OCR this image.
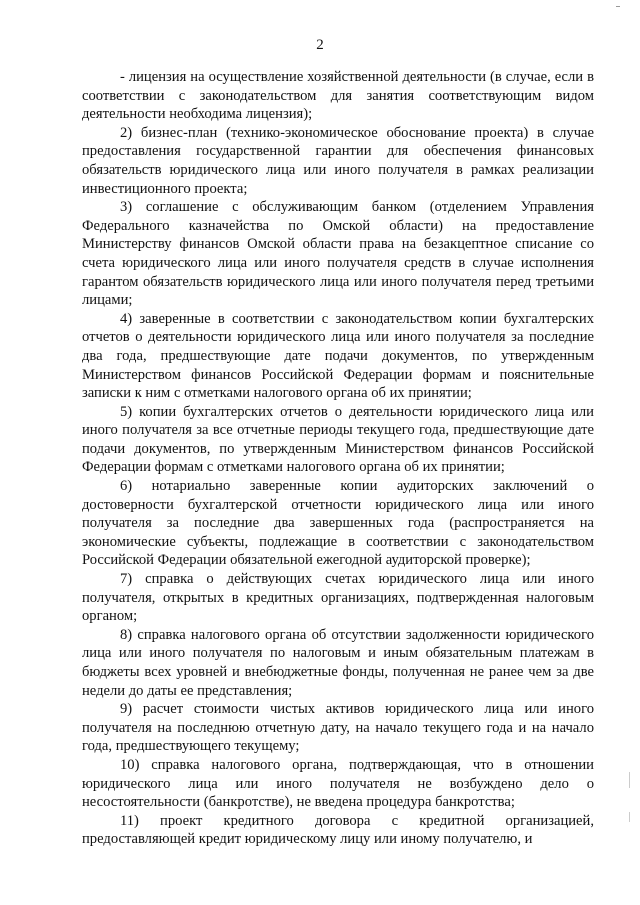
2

- лицензия на осуществление хозяйственной деятельности (в случае, если в соответствии с законодательством для занятия соответствующим видом деятельности необходима лицензия);

2) бизнес-план (технико-экономическое обоснование проекта) в случае предоставления государственной гарантии для обеспечения финансовых обязательств юридического лица или иного получателя в рамках реализации инвестиционного проекта;

3) соглашение с обслуживающим банком (отделением Управления Федерального казначейства по Омской области) на предоставление Министерству финансов Омской области права на безакцептное списание со счета юридического лица или иного получателя средств в случае исполнения гарантом обязательств юридического лица или иного получателя перед третьими лицами;

4) заверенные в соответствии с законодательством копии бухгалтерских отчетов о деятельности юридического лица или иного получателя за последние два года, предшествующие дате подачи документов, по утвержденным Министерством финансов Российской Федерации формам и пояснительные записки к ним с отметками налогового органа об их принятии;

5) копии бухгалтерских отчетов о деятельности юридического лица или иного получателя за все отчетные периоды текущего года, предшествующие дате подачи документов, по утвержденным Министерством финансов Российской Федерации формам с отметками налогового органа об их принятии;

6) нотариально заверенные копии аудиторских заключений о достоверности бухгалтерской отчетности юридического лица или иного получателя за последние два завершенных года (распространяется на экономические субъекты, подлежащие в соответствии с законодательством Российской Федерации обязательной ежегодной аудиторской проверке);

7) справка о действующих счетах юридического лица или иного получателя, открытых в кредитных организациях, подтвержденная налоговым органом;

8) справка налогового органа об отсутствии задолженности юридического лица или иного получателя по налоговым и иным обязательным платежам в бюджеты всех уровней и внебюджетные фонды, полученная не ранее чем за две недели до даты ее представления;

9) расчет стоимости чистых активов юридического лица или иного получателя на последнюю отчетную дату, на начало текущего года и на начало года, предшествующего текущему;

10) справка налогового органа, подтверждающая, что в отношении юридического лица или иного получателя не возбуждено дело о несостоятельности (банкротстве), не введена процедура банкротства;

11) проект кредитного договора с кредитной организацией, предоставляющей кредит юридическому лицу или иному получателю, и
